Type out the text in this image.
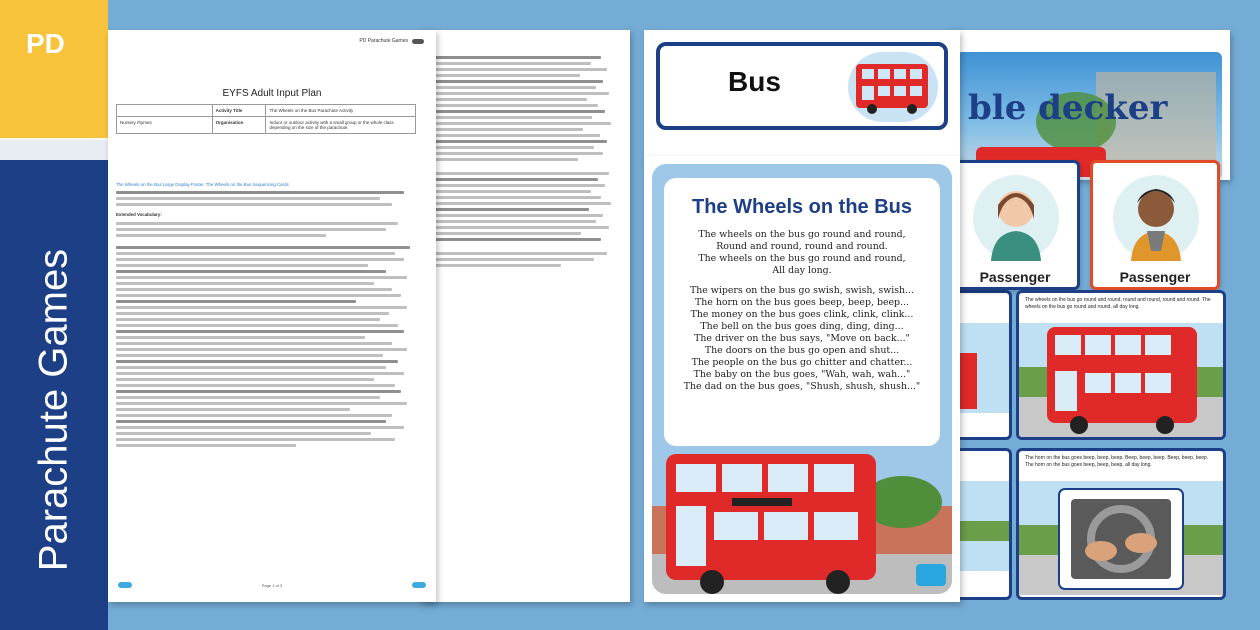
PD
Parachute Games
PD Parachute Games
EYFS Adult Input Plan
	Activity Title	The Wheels on the Bus Parachute Activity
Nursery rhymes	Organisation	Indoor or outdoor activity with a small group or the whole class depending on the size of the parachute.

The Wheels on the Bus Large Display Poster, The Wheels on the Bus Sequencing Cards

Extended Vocabulary:

Page 1 of 3
ble decker
Bus
Passenger	Passenger
The wheels on the bus go round and round, round and round, round and round. The wheels on the bus go round and round, all day long.
The horn on the bus goes beep, beep, beep. Beep, beep, beep. Beep, beep, beep. The horn on the bus goes beep, beep, beep, all day long.
The Wheels on the Bus
The wheels on the bus go round and round,
Round and round, round and round.
The wheels on the bus go round and round,
All day long.
The wipers on the bus go swish, swish, swish...
The horn on the bus goes beep, beep, beep...
The money on the bus goes clink, clink, clink...
The bell on the bus goes ding, ding, ding...
The driver on the bus says, "Move on back..."
The doors on the bus go open and shut...
The people on the bus go chitter and chatter...
The baby on the bus goes, "Wah, wah, wah..."
The dad on the bus goes, "Shush, shush, shush..."
